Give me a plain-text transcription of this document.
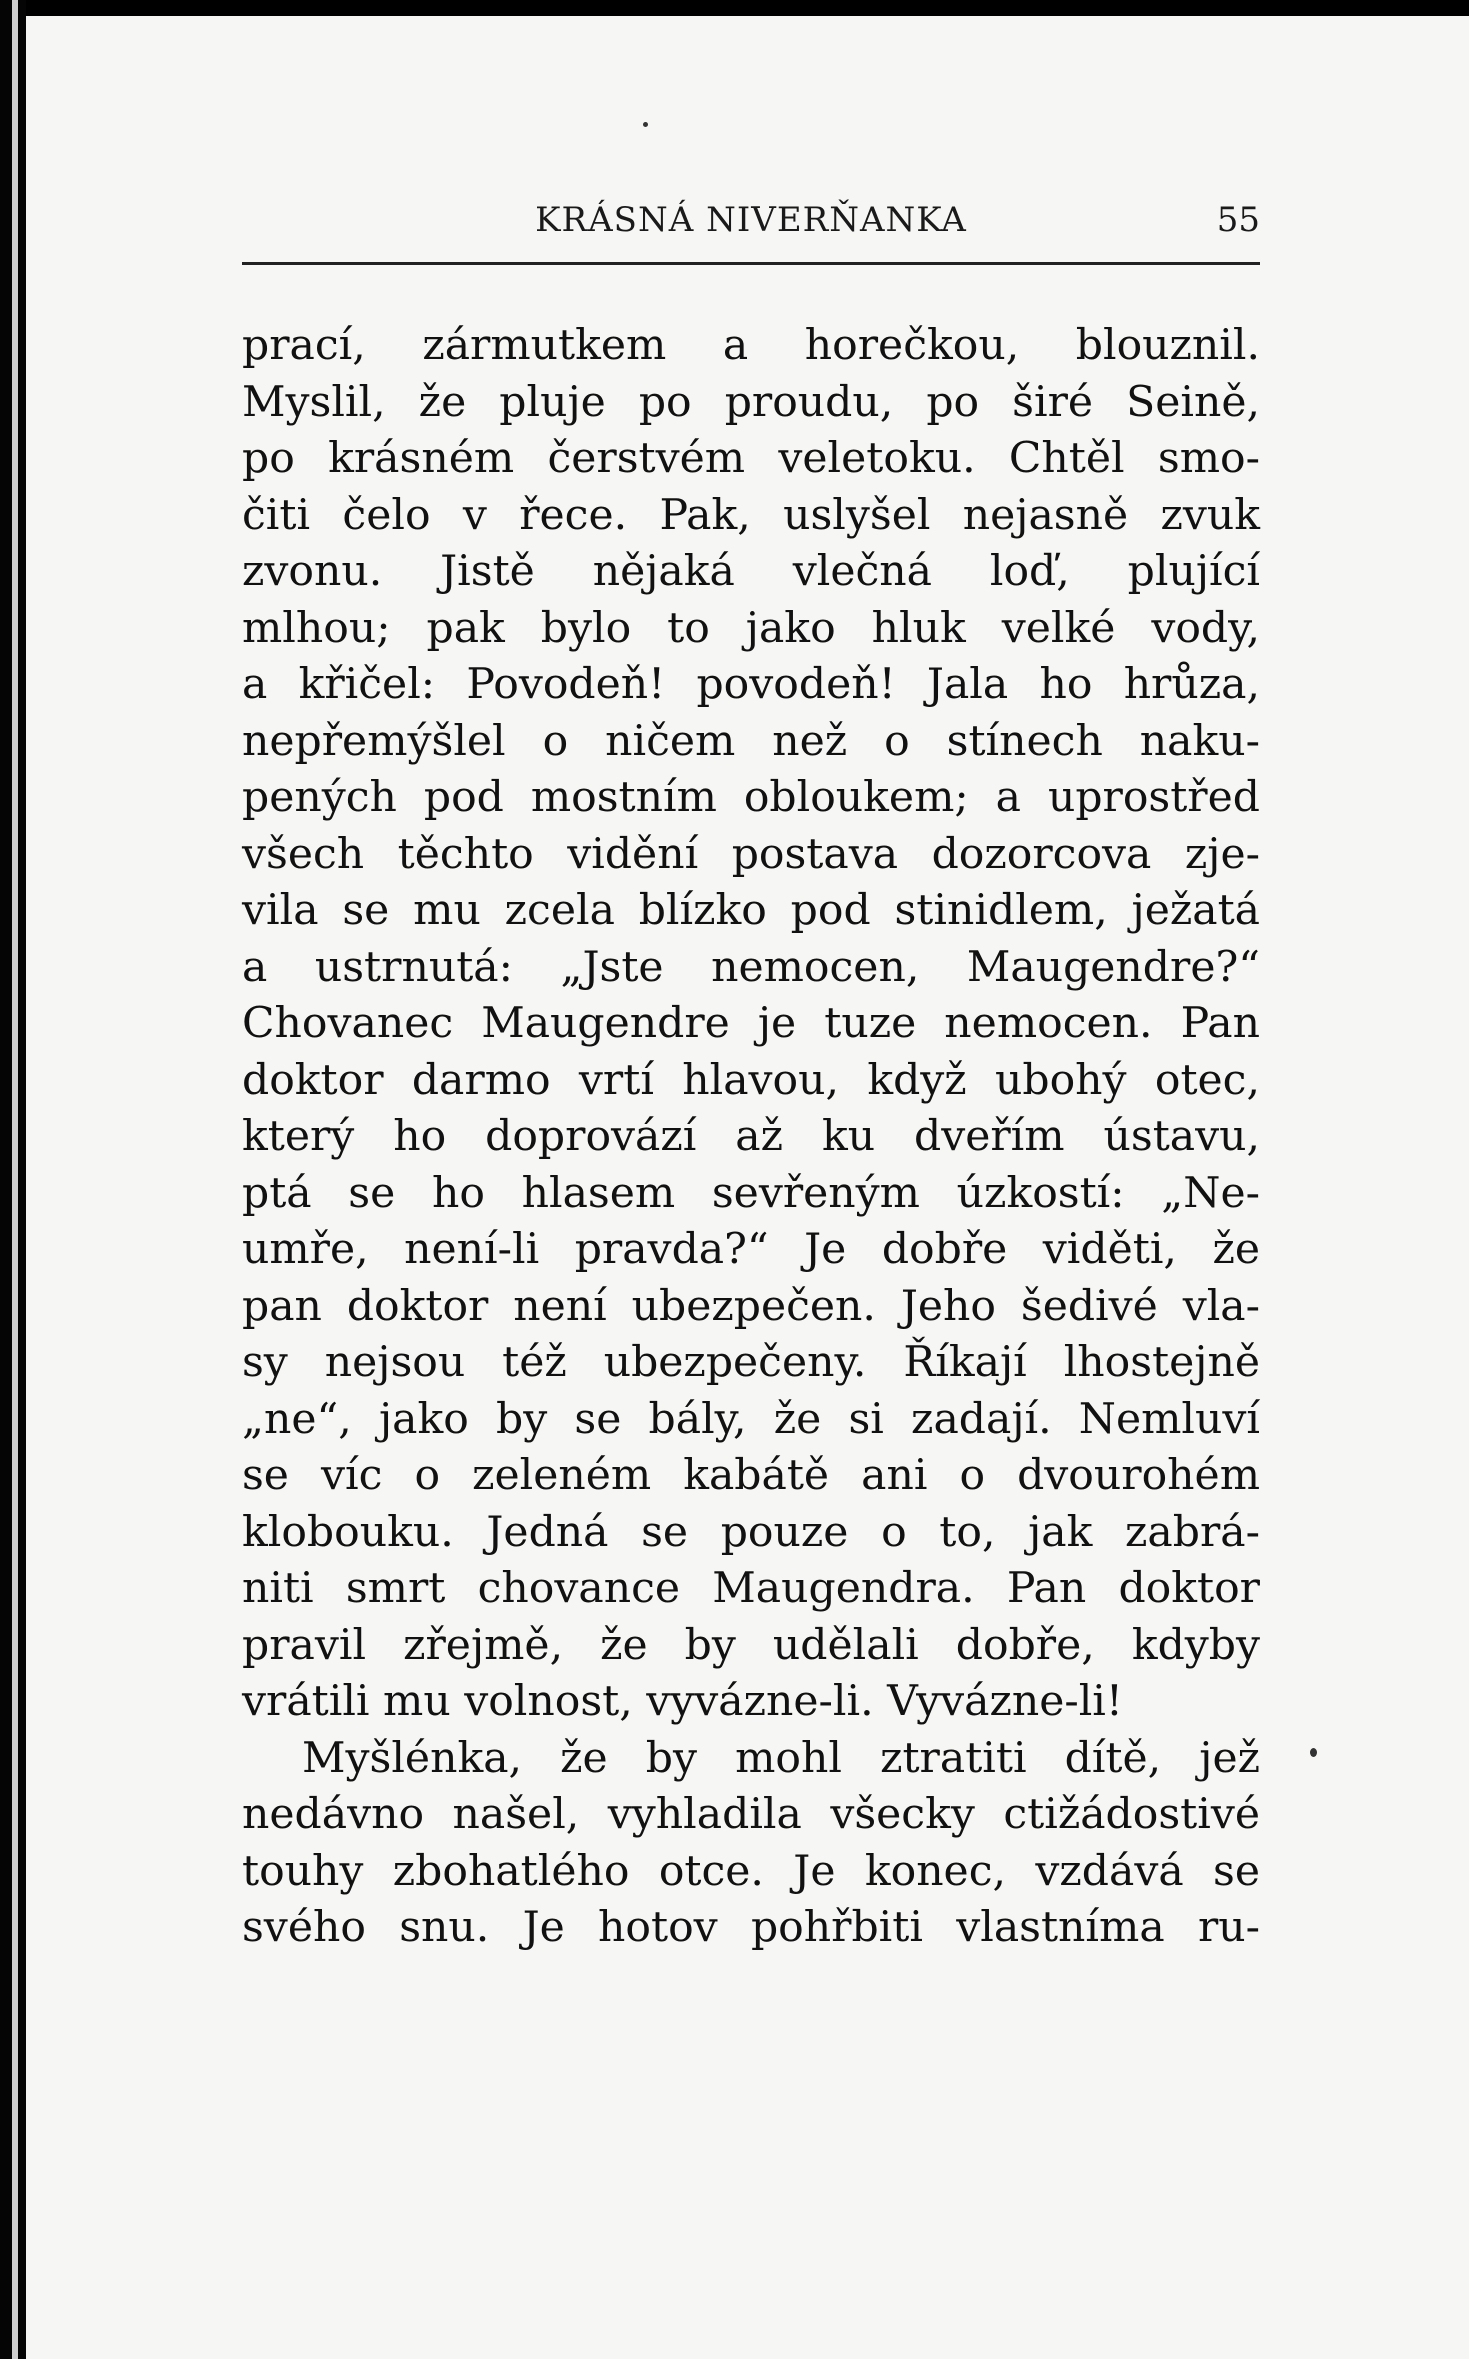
KRÁSNÁ NIVERŇANKA	55
prací, zármutkem a horečkou, blouznil.
Myslil, že pluje po proudu, po širé Seině,
po krásném čerstvém veletoku. Chtěl smo-
čiti čelo v řece. Pak, uslyšel nejasně zvuk
zvonu. Jistě nějaká vlečná loď, plující
mlhou; pak bylo to jako hluk velké vody,
a křičel: Povodeň! povodeň! Jala ho hrůza,
nepřemýšlel o ničem než o stínech naku-
pených pod mostním obloukem; a uprostřed
všech těchto vidění postava dozorcova zje-
vila se mu zcela blízko pod stinidlem, ježatá
a ustrnutá: „Jste nemocen, Maugendre?“
Chovanec Maugendre je tuze nemocen. Pan
doktor darmo vrtí hlavou, když ubohý otec,
který ho doprovází až ku dveřím ústavu,
ptá se ho hlasem sevřeným úzkostí: „Ne-
umře, není-li pravda?“ Je dobře viděti, že
pan doktor není ubezpečen. Jeho šedivé vla-
sy nejsou též ubezpečeny. Říkají lhostejně
„ne“, jako by se bály, že si zadají. Nemluví
se víc o zeleném kabátě ani o dvourohém
klobouku. Jedná se pouze o to, jak zabrá-
niti smrt chovance Maugendra. Pan doktor
pravil zřejmě, že by udělali dobře, kdyby
vrátili mu volnost, vyvázne-li. Vyvázne-li!
Myšlénka, že by mohl ztratiti dítě, jež
nedávno našel, vyhladila všecky ctižádostivé
touhy zbohatlého otce. Je konec, vzdává se
svého snu. Je hotov pohřbiti vlastníma ru-
